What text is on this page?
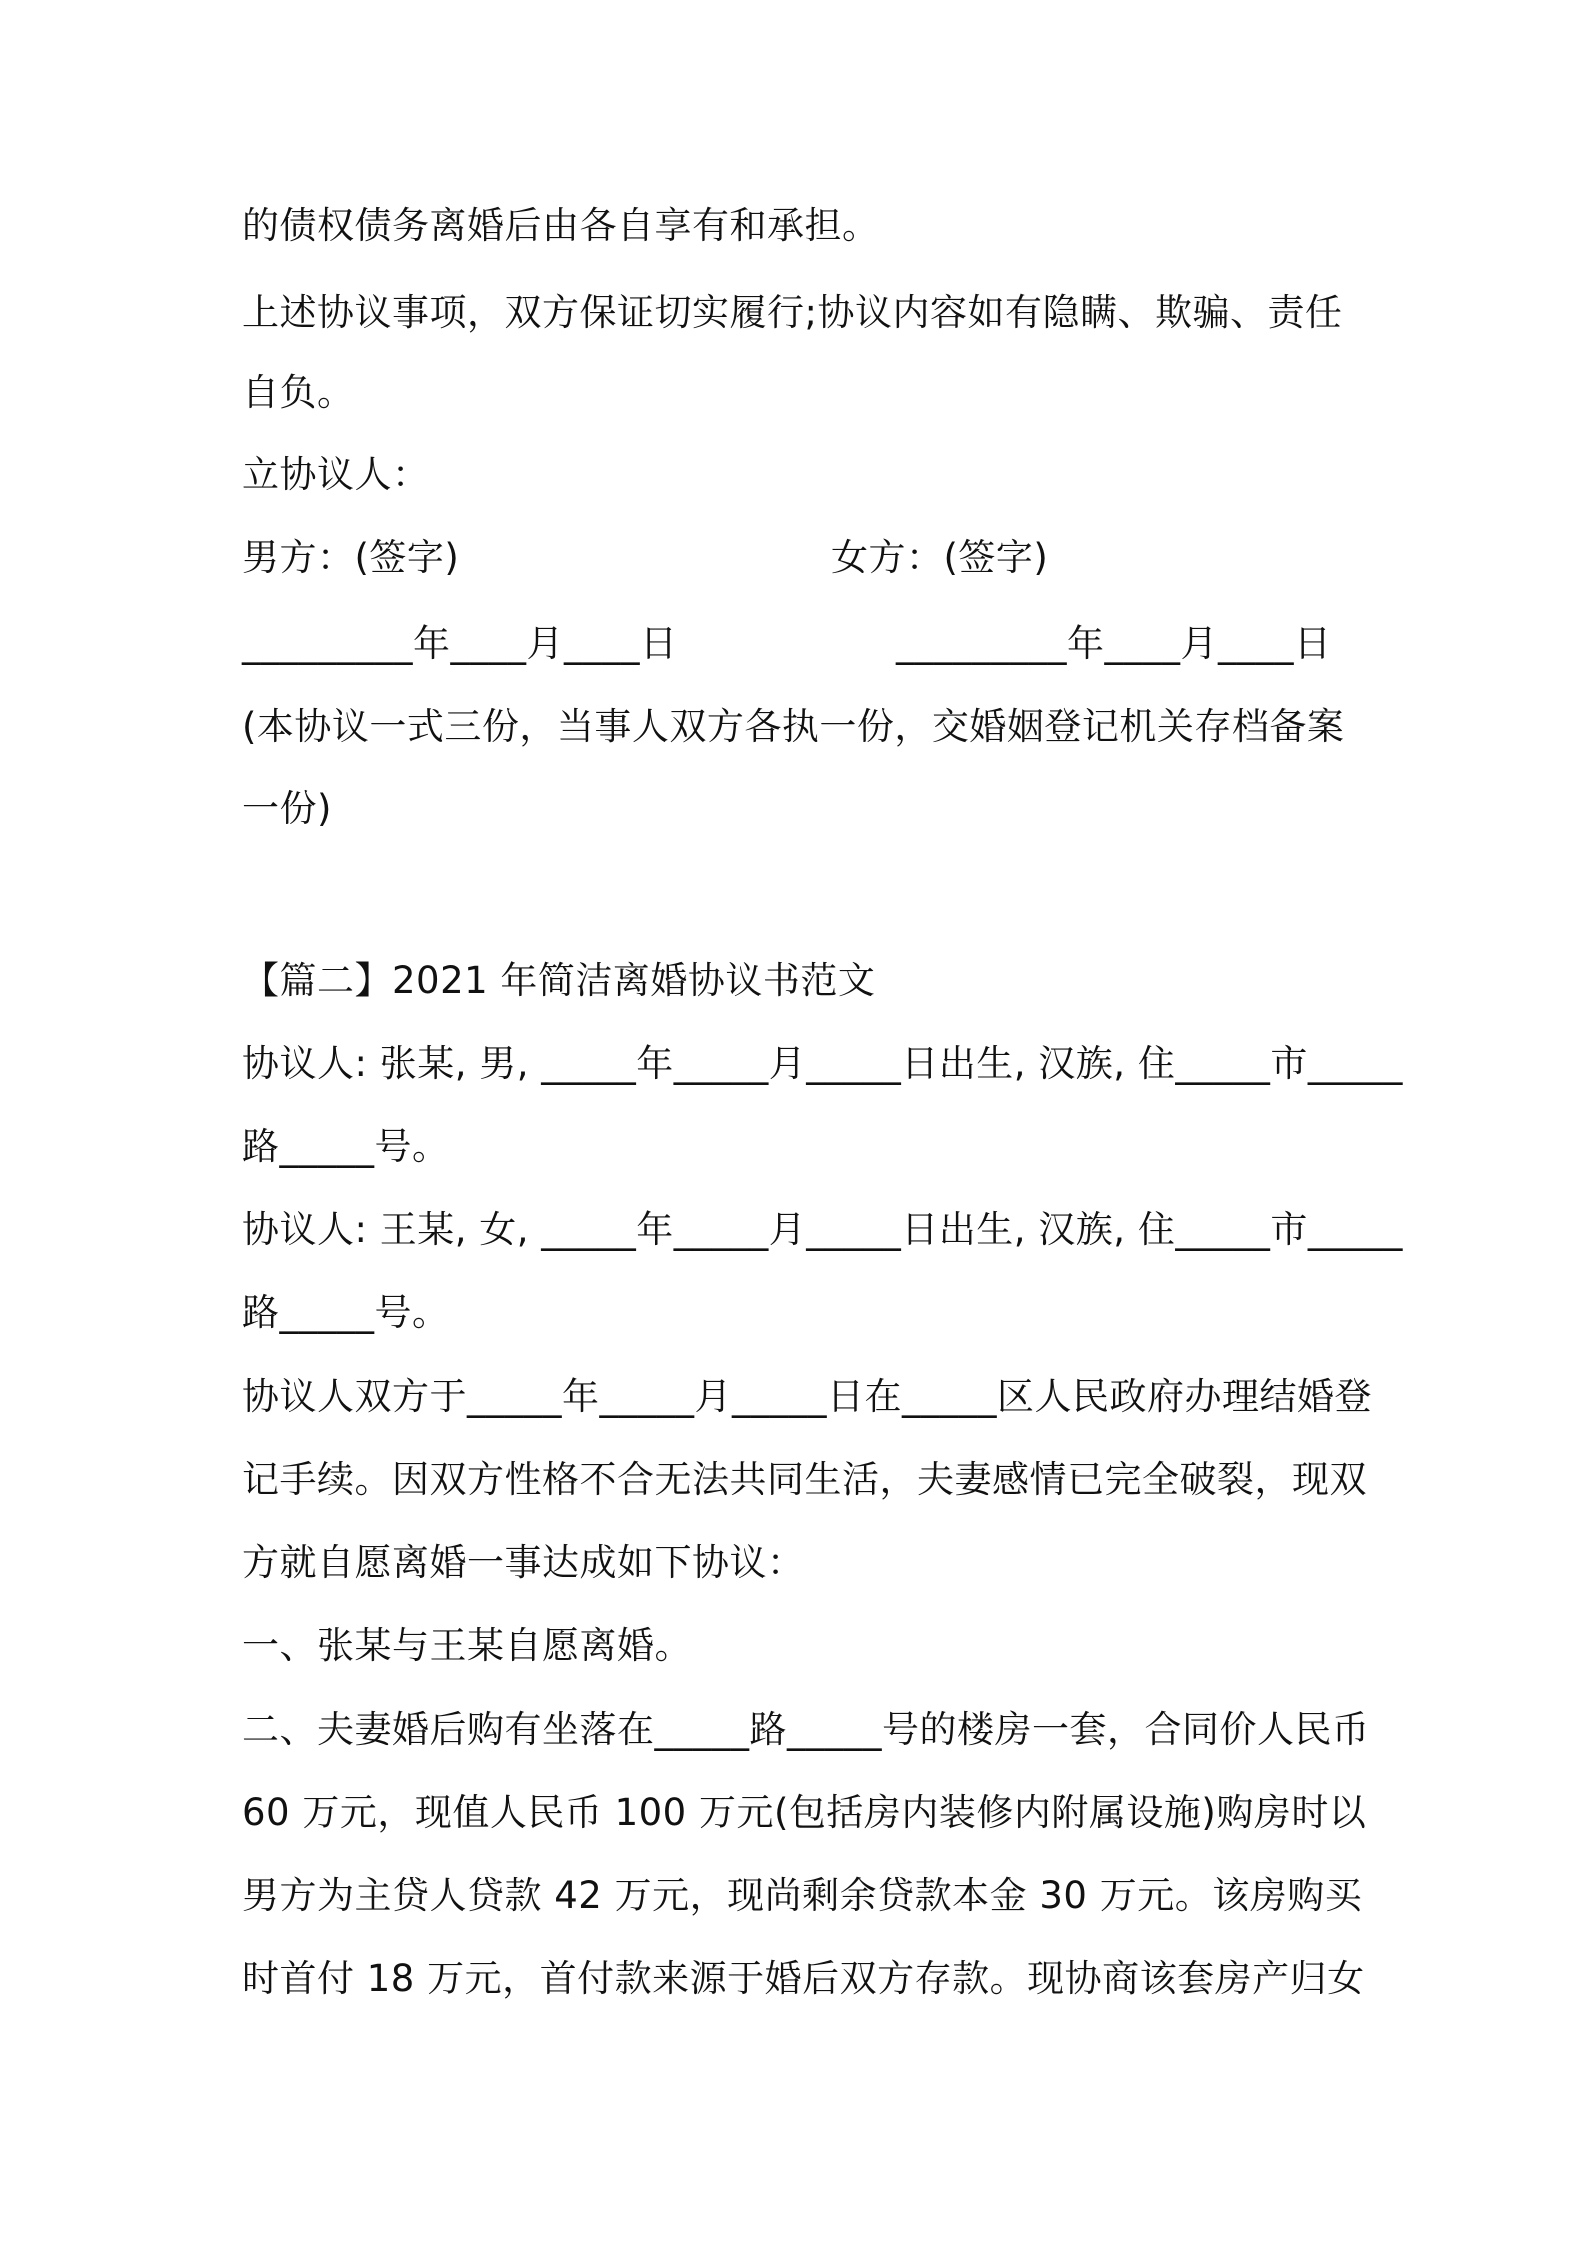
的债权债务离婚后由各自享有和承担。
上述协议事项，双方保证切实履行;协议内容如有隐瞒、欺骗、责任
自负。
立协议人：
男方：(签字)	女方：(签字)
_________年____月____日	_________年____月____日
(本协议一式三份，当事人双方各执一份，交婚姻登记机关存档备案
一份)
【篇二】2021 年简洁离婚协议书范文
协议人: 张某, 男, _____年_____月_____日出生, 汉族, 住_____市_____
路_____号。
协议人: 王某, 女, _____年_____月_____日出生, 汉族, 住_____市_____
路_____号。
协议人双方于_____年_____月_____日在_____区人民政府办理结婚登
记手续。因双方性格不合无法共同生活，夫妻感情已完全破裂，现双
方就自愿离婚一事达成如下协议：
一、张某与王某自愿离婚。
二、夫妻婚后购有坐落在_____路_____号的楼房一套，合同价人民币
60 万元，现值人民币 100 万元(包括房内装修内附属设施)购房时以
男方为主贷人贷款 42 万元，现尚剩余贷款本金 30 万元。该房购买
时首付 18 万元，首付款来源于婚后双方存款。现协商该套房产归女
